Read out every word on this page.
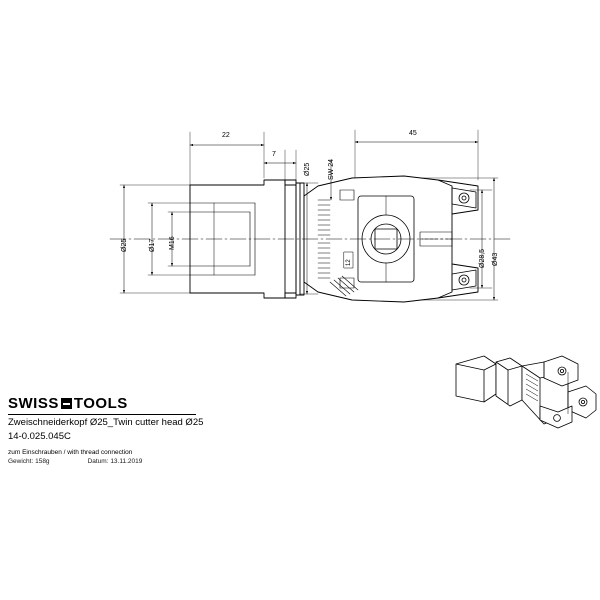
22	45
7
Ø25	Ø17 M16
Ø25 SW 24
Ø28,5 Ø43
12
SWISS TOOLS
Zweischneiderkopf Ø25_Twin cutter head Ø25
14-0.025.045C
zum Einschrauben / with thread connection
Gewicht: 158g	Datum: 13.11.2019
